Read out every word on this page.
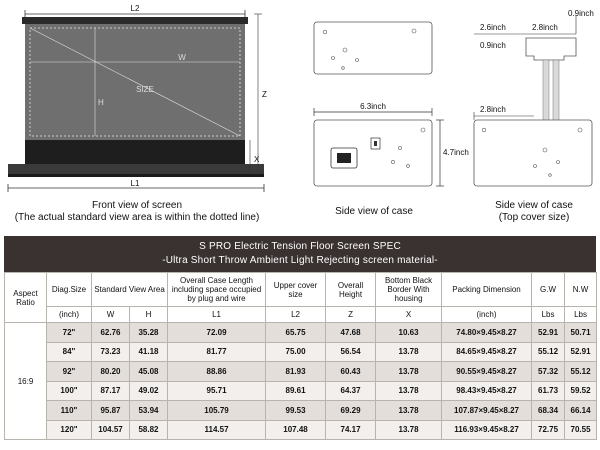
L2
W
H
SIZE
Z
X
L1
6.3inch
4.7inch
2.6inch	2.8inch
0.9inch
0.9inch
2.8inch
Front view of screen
(The actual standard view area is within the dotted line)
Side view of case
Side view of case
(Top cover size)
S PRO Electric Tension Floor Screen SPEC
-Ultra Short Throw Ambient Light Rejecting screen material-
Aspect Ratio	Diag.Size	Standard View Area		Overall Case Length including space occupied by plug and wire	Upper cover size	Overall Height	Bottom Black Border With housing	Packing Dimension	G.W	N.W
	(inch)	W	H	L1	L2	Z	X	(inch)	Lbs	Lbs
16:9	72"	62.76	35.28	72.09	65.75	47.68	10.63	74.80×9.45×8.27	52.91	50.71
	84"	73.23	41.18	81.77	75.00	56.54	13.78	84.65×9.45×8.27	55.12	52.91
	92"	80.20	45.08	88.86	81.93	60.43	13.78	90.55×9.45×8.27	57.32	55.12
	100"	87.17	49.02	95.71	89.61	64.37	13.78	98.43×9.45×8.27	61.73	59.52
	110"	95.87	53.94	105.79	99.53	69.29	13.78	107.87×9.45×8.27	68.34	66.14
	120"	104.57	58.82	114.57	107.48	74.17	13.78	116.93×9.45×8.27	72.75	70.55
